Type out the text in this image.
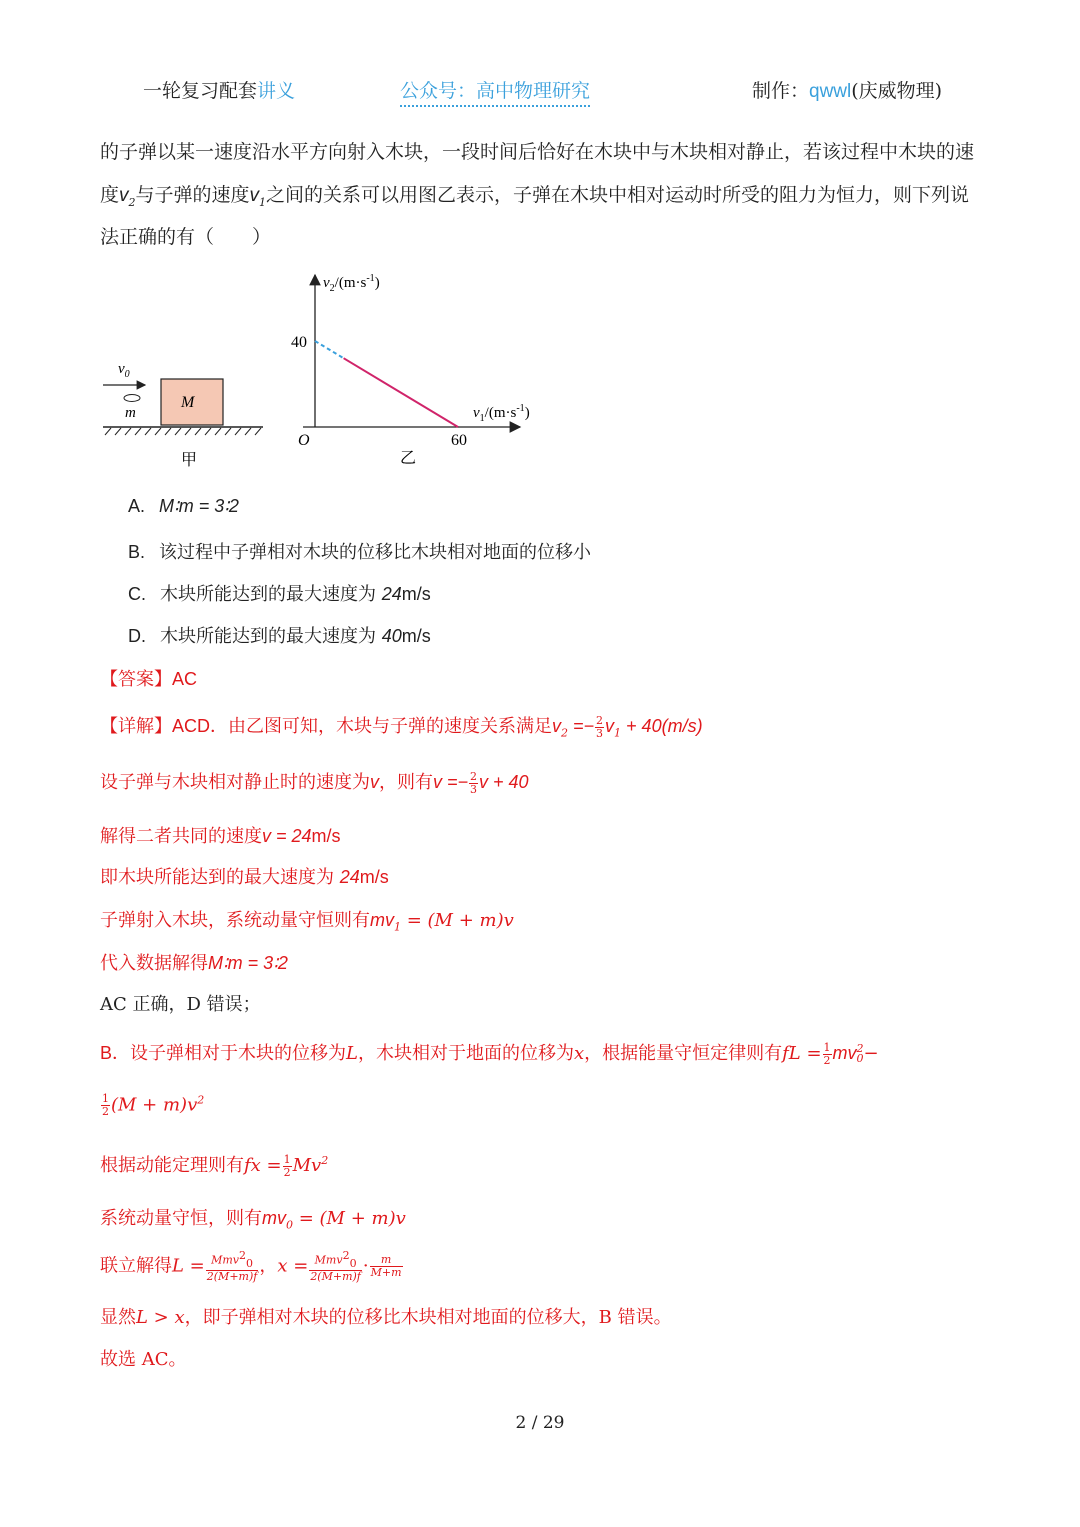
一轮复习配套讲义	公众号：高中物理研究	制作：qwwl(庆威物理)
的子弹以某一速度沿水平方向射入木块，一段时间后恰好在木块中与木块相对静止，若该过程中木块的速
度$v_2$与子弹的速度$v_1$之间的关系可以用图乙表示，子弹在木块中相对运动时所受的阻力为恒力，则下列说
法正确的有（　　）
$v_0$
m
M
甲
$v_2/(m\cdot s^{-1})$
$v_1/(m\cdot s^{-1})$
40
60
O
乙
A. M∶m = 3∶2
B. 该过程中子弹相对木块的位移比木块相对地面的位移小
C. 木块所能达到的最大速度为 24m/s
D. 木块所能达到的最大速度为 40m/s
【答案】AC
【详解】ACD．由乙图可知，木块与子弹的速度关系满足$v_2 =- \frac{2}{3} v_1 + 40(m/s)$
设子弹与木块相对静止时的速度为v，则有$v =- \frac{2}{3}$ v + 40
解得二者共同的速度v = 24m/s
即木块所能达到的最大速度为 24m/s
子弹射入木块，系统动量守恒则有$mv_1 = (M + m)v$
代入数据解得M∶m = 3∶2
AC 正确，D 错误；
B．设子弹相对于木块的位移为L，木块相对于地面的位移为x，根据能量守恒定律则有fL = $\frac{1}{2}$ mv 2
0 −
$\frac{1}{2} (M + m)v^2$
根据动能定理则有fx = $\frac{1}{2} Mv^2$
系统动量守恒，则有$mv_0 = (M + m)v$
联立解得$L = \frac{Mmv^2_0}{2(M+m)f}$ ，$x = \frac{Mmv^2_0}{2(M+m)f} \cdot \frac{m}{M+m}$
显然L > x，即子弹相对木块的位移比木块相对地面的位移大，B 错误。
故选 AC。
2 / 29
